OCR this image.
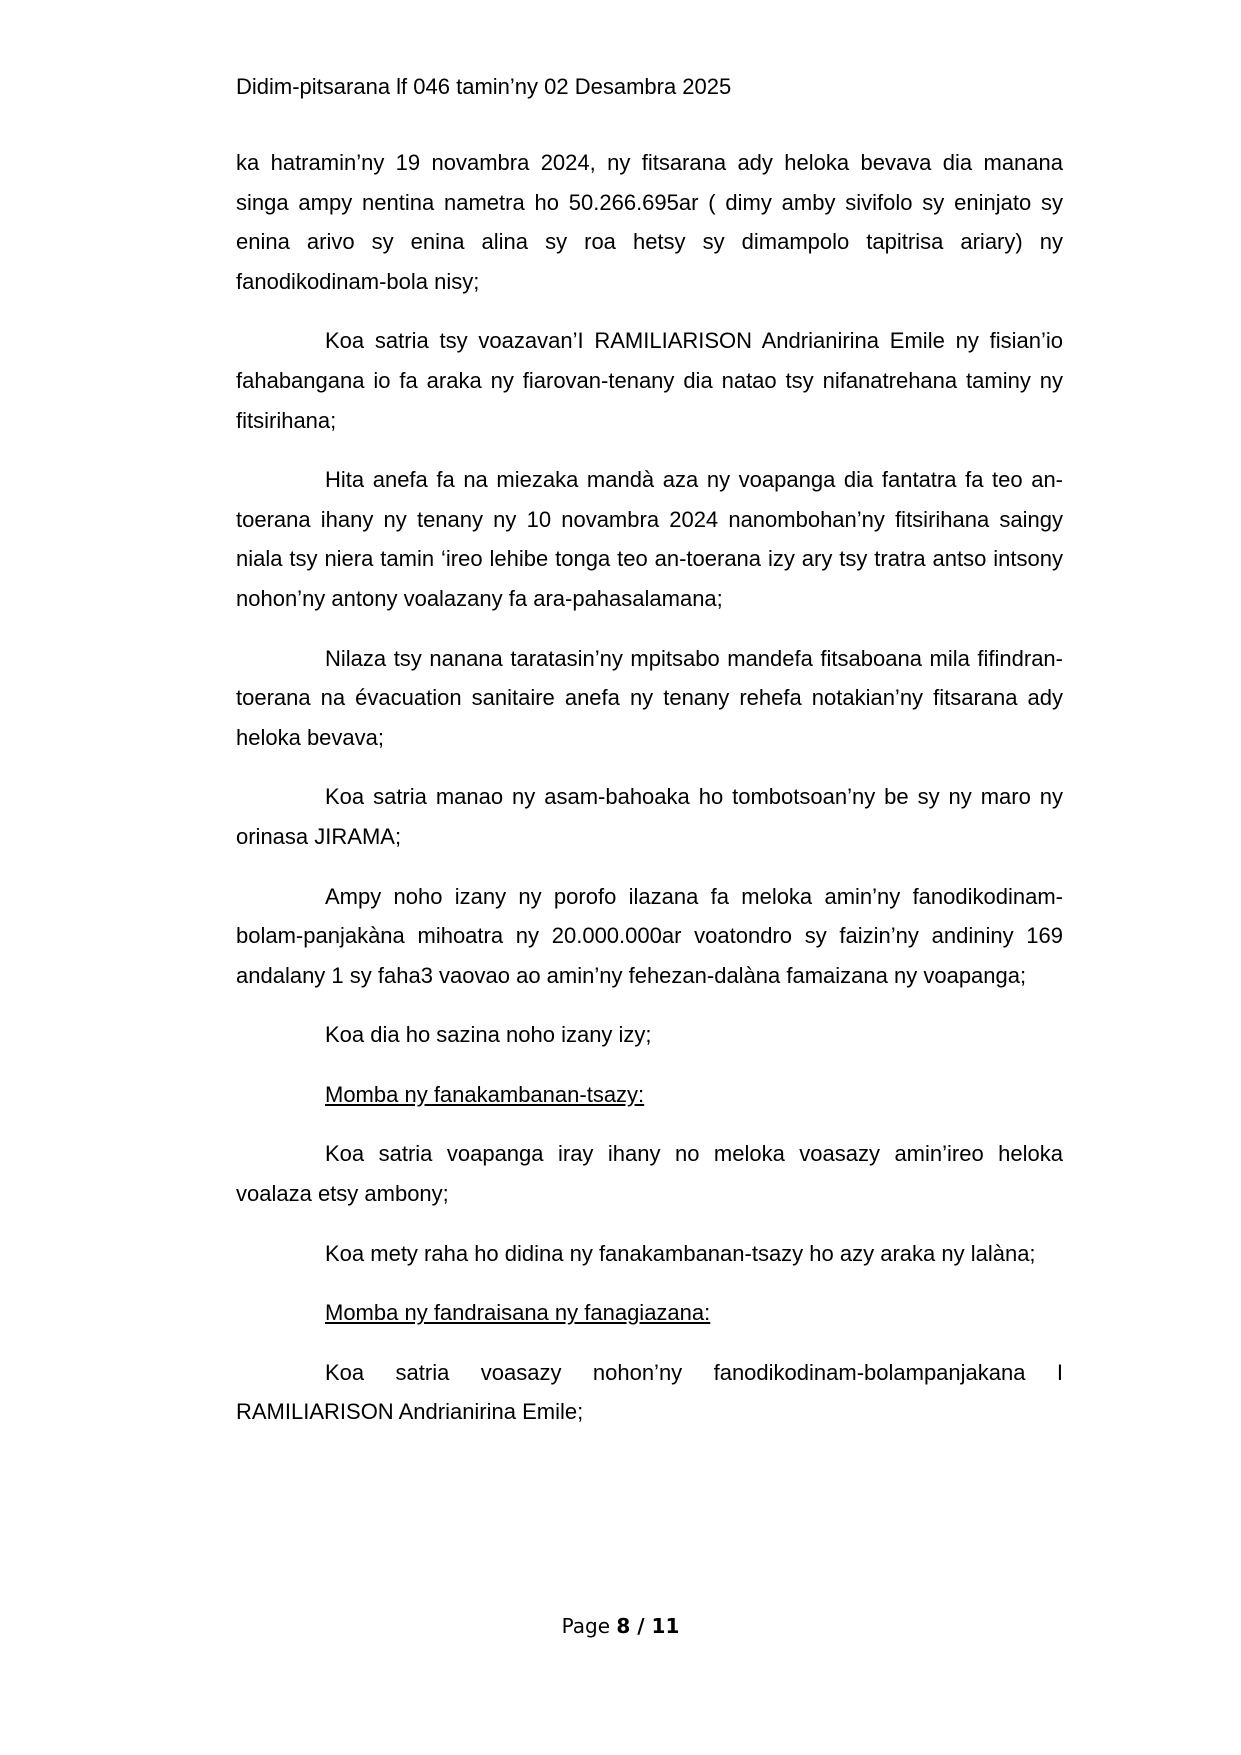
Didim-pitsarana lf 046 tamin’ny 02 Desambra 2025

ka hatramin’ny 19 novambra 2024, ny fitsarana ady heloka bevava dia manana singa ampy nentina nametra ho 50.266.695ar ( dimy amby sivifolo sy eninjato sy enina arivo sy enina alina sy roa hetsy sy dimampolo tapitrisa ariary) ny fanodikodinam-bola nisy;

Koa satria tsy voazavan’I RAMILIARISON Andrianirina Emile ny fisian’io fahabangana io fa araka ny fiarovan-tenany dia natao tsy nifanatrehana taminy ny fitsirihana;

Hita anefa fa na miezaka mandà aza ny voapanga dia fantatra fa teo an-toerana ihany ny tenany ny 10 novambra 2024 nanombohan’ny fitsirihana saingy niala tsy niera tamin ‘ireo lehibe tonga teo an-toerana izy ary tsy tratra antso intsony nohon’ny antony voalazany fa ara-pahasalamana;

Nilaza tsy nanana taratasin’ny mpitsabo mandefa fitsaboana mila fifindran-toerana na évacuation sanitaire anefa ny tenany rehefa notakian’ny fitsarana ady heloka bevava;

Koa satria manao ny asam-bahoaka ho tombotsoan’ny be sy ny maro ny orinasa JIRAMA;

Ampy noho izany ny porofo ilazana fa meloka amin’ny fanodikodinam-bolam-panjakàna mihoatra ny 20.000.000ar voatondro sy faizin’ny andininy 169 andalany 1 sy faha3 vaovao ao amin’ny fehezan-dalàna famaizana ny voapanga;

Koa dia ho sazina noho izany izy;

Momba ny fanakambanan-tsazy:

Koa satria voapanga iray ihany no meloka voasazy amin’ireo heloka voalaza etsy ambony;

Koa mety raha ho didina ny fanakambanan-tsazy ho azy araka ny lalàna;

Momba ny fandraisana ny fanagiazana:

Koa satria voasazy nohon’ny fanodikodinam-bolampanjakana I RAMILIARISON Andrianirina Emile;

Page 8 / 11
